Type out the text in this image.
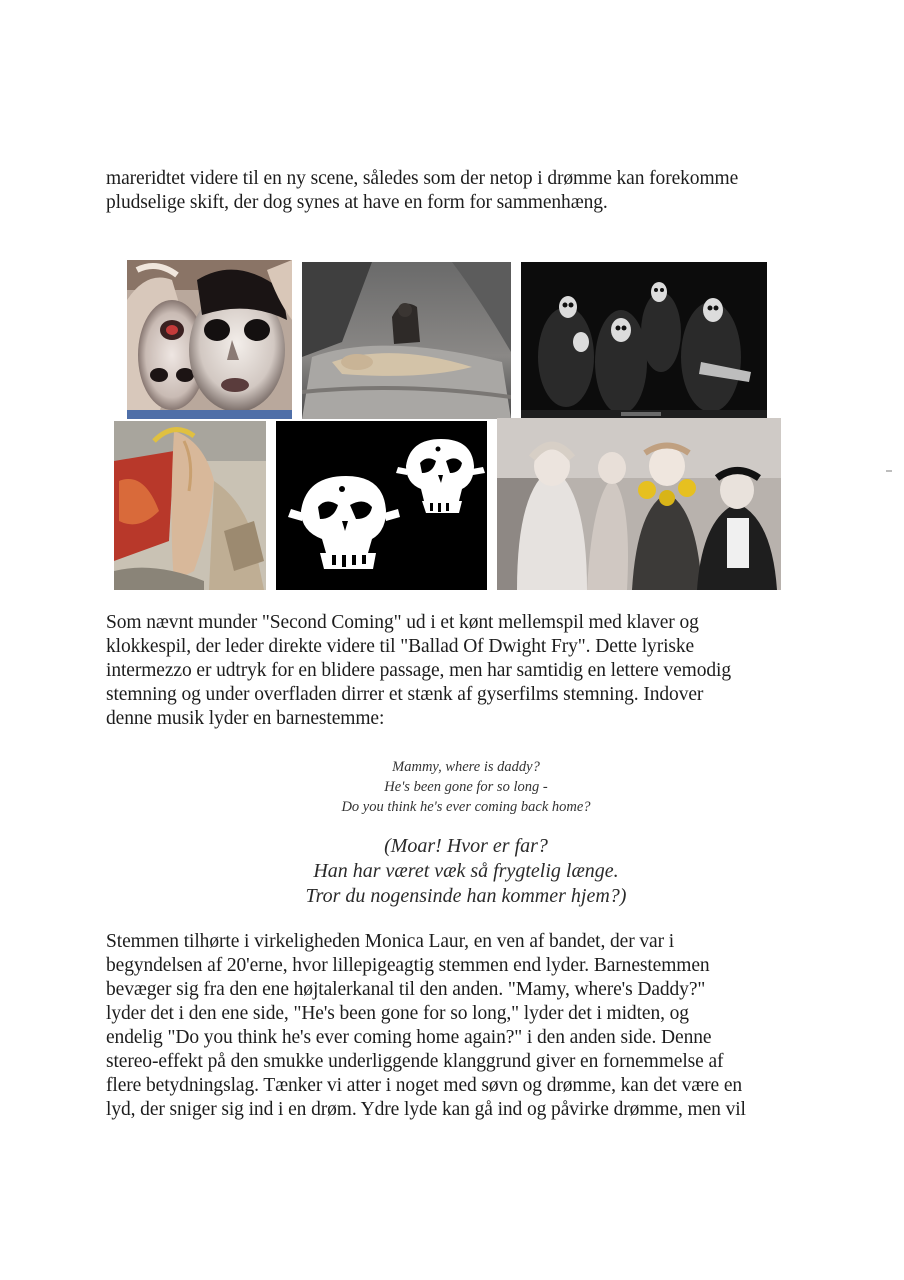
mareridtet videre til en ny scene, således som der netop i drømme kan forekomme
pludselige skift, der dog synes at have en form for sammenhæng.

Som nævnt munder "Second Coming" ud i et kønt mellemspil med klaver og
klokkespil, der leder direkte videre til "Ballad Of Dwight Fry". Dette lyriske
intermezzo er udtryk for en blidere passage, men har samtidig en lettere vemodig
stemning og under overfladen dirrer et stænk af gyserfilms stemning. Indover
denne musik lyder en barnestemme:

Mammy, where is daddy?
He's been gone for so long -
Do you think he's ever coming back home?
(Moar! Hvor er far?
Han har været væk så frygtelig længe.
Tror du nogensinde han kommer hjem?)

Stemmen tilhørte i virkeligheden Monica Laur, en ven af bandet, der var i
begyndelsen af 20'erne, hvor lillepigeagtig stemmen end lyder. Barnestemmen
bevæger sig fra den ene højtalerkanal til den anden. "Mamy, where's Daddy?"
lyder det i den ene side, "He's been gone for so long," lyder det i midten, og
endelig "Do you think he's ever coming home again?" i den anden side. Denne
stereo-effekt på den smukke underliggende klanggrund giver en fornemmelse af
flere betydningslag. Tænker vi atter i noget med søvn og drømme, kan det være en
lyd, der sniger sig ind i en drøm. Ydre lyde kan gå ind og påvirke drømme, men vil
